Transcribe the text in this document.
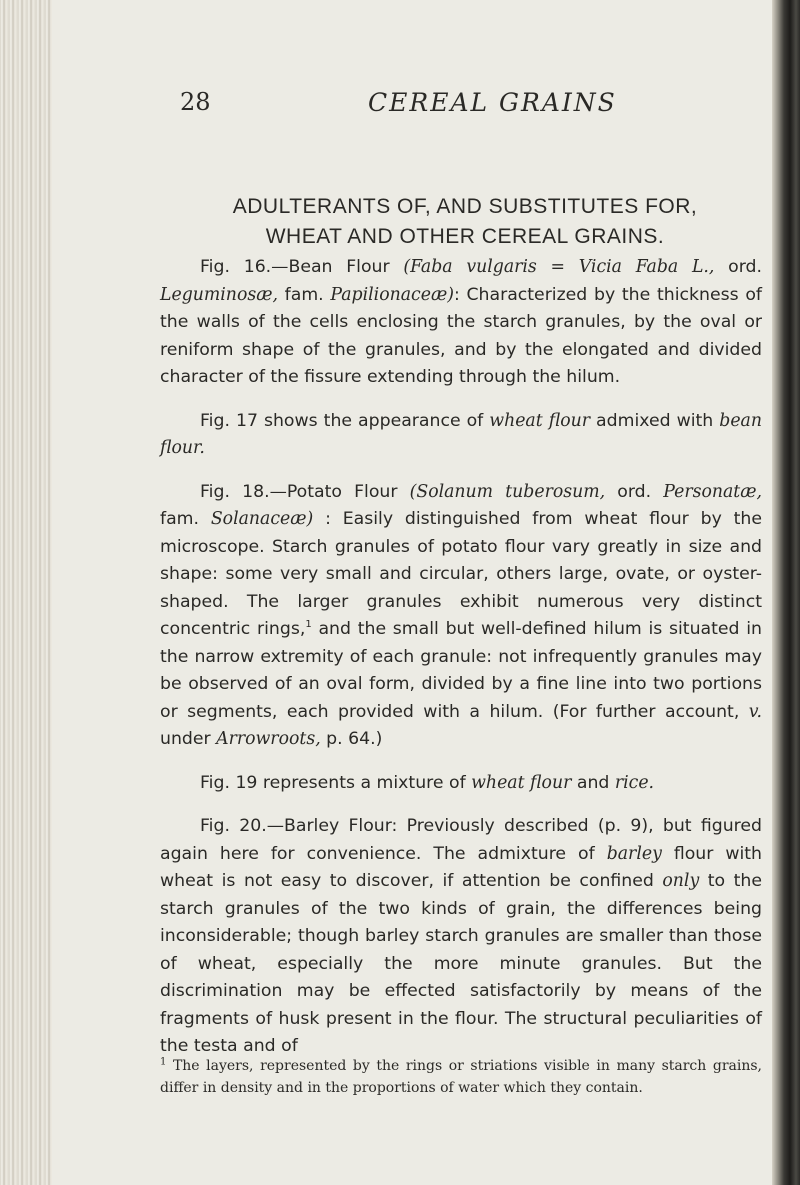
28	CEREAL GRAINS
ADULTERANTS OF, AND SUBSTITUTES FOR,
WHEAT AND OTHER CEREAL GRAINS.

Fig. 16.—Bean Flour (Faba vulgaris = Vicia Faba L., ord. Leguminosæ, fam. Papilionaceæ): Characterized by the thickness of the walls of the cells enclosing the starch granules, by the oval or reniform shape of the granules, and by the elongated and divided character of the fissure extending through the hilum.

Fig. 17 shows the appearance of wheat flour admixed with bean flour.

Fig. 18.—Potato Flour (Solanum tuberosum, ord. Personatæ, fam. Solanaceæ) : Easily distinguished from wheat flour by the microscope. Starch granules of potato flour vary greatly in size and shape: some very small and circular, others large, ovate, or oyster-shaped. The larger granules exhibit numerous very distinct concentric rings,$^1$ and the small but well-defined hilum is situated in the narrow extremity of each granule: not infrequently granules may be observed of an oval form, divided by a fine line into two portions or segments, each provided with a hilum. (For further account, v. under Arrowroots, p. 64.)

Fig. 19 represents a mixture of wheat flour and rice.

Fig. 20.—Barley Flour: Previously described (p. 9), but figured again here for convenience. The admixture of barley flour with wheat is not easy to discover, if attention be confined only to the starch granules of the two kinds of grain, the differences being inconsiderable; though barley starch granules are smaller than those of wheat, especially the more minute granules. But the discrimination may be effected satisfactorily by means of the fragments of husk present in the flour. The structural peculiarities of the testa and of

$^1$ The layers, represented by the rings or striations visible in many starch grains, differ in density and in the proportions of water which they contain.
